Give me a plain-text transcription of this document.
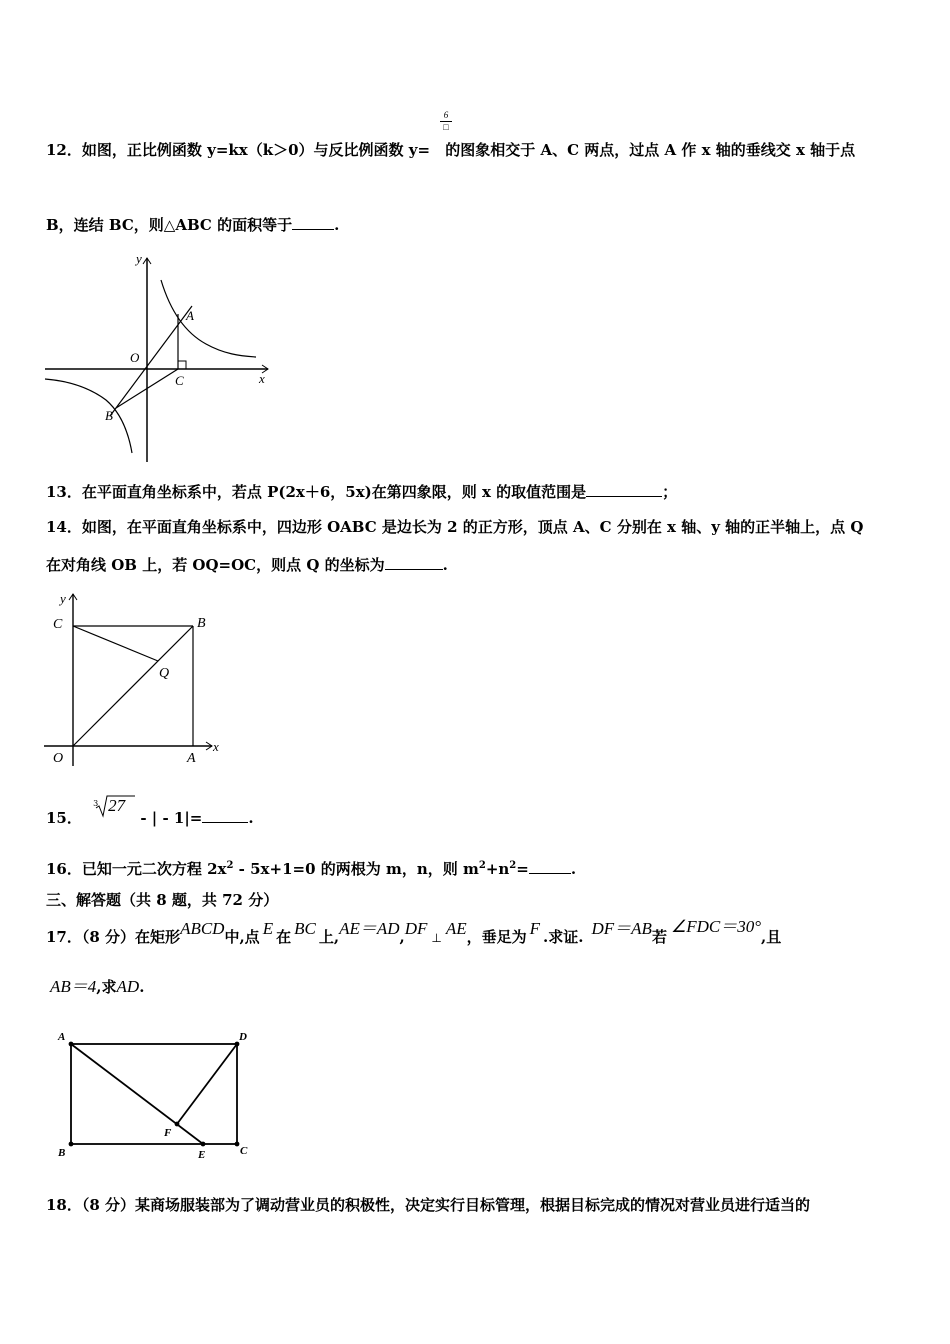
6
□
12．如图，正比例函数 y=kx（k＞0）与反比例函数 y= 的图象相交于 A、C 两点，过点 A 作 x 轴的垂线交 x 轴于点
B，连结 BC，则△ABC 的面积等于	.
y
x
A
O
C
B
13．在平面直角坐标系中，若点 P(2x＋6，5x)在第四象限，则 x 的取值范围是	；
14．如图，在平面直角坐标系中，四边形 OABC 是边长为 2 的正方形，顶点 A、C 分别在 x 轴、y 轴的正半轴上，点 Q
在对角线 OB 上，若 OQ=OC，则点 Q 的坐标为	.
y
x
C	B
Q
O	A
15．
3 27
- | - 1|=	.
16．已知一元二次方程 $2x^2 - 5x+1=0$ 的两根为 m，n，则 $m^2+n^2=$	.
三、解答题（共 8 题，共 72 分）
17．（8 分）在矩形ABCD中,点 E 在 BC 上,AE＝AD,DF ⊥ AE，垂足为 F .求证. DF＝AB若∠FDC＝30°,且
AB＝4,求AD.
A	D
F
B	E	C
18．（8 分）某商场服装部为了调动营业员的积极性，决定实行目标管理，根据目标完成的情况对营业员进行适当的
